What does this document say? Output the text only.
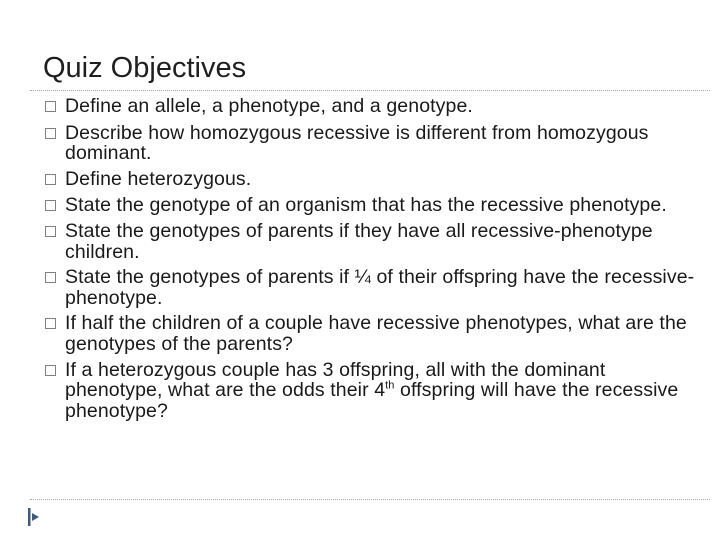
Quiz Objectives
Define an allele, a phenotype, and a genotype.
Describe how homozygous recessive is different from homozygous dominant.
Define heterozygous.
State the genotype of an organism that has the recessive phenotype.
State the genotypes of parents if they have all recessive-phenotype children.
State the genotypes of parents if ¼ of their offspring have the recessive-phenotype.
If half the children of a couple have recessive phenotypes, what are the genotypes of the parents?
If a heterozygous couple has 3 offspring, all with the dominant phenotype, what are the odds their 4th offspring will have the recessive phenotype?
